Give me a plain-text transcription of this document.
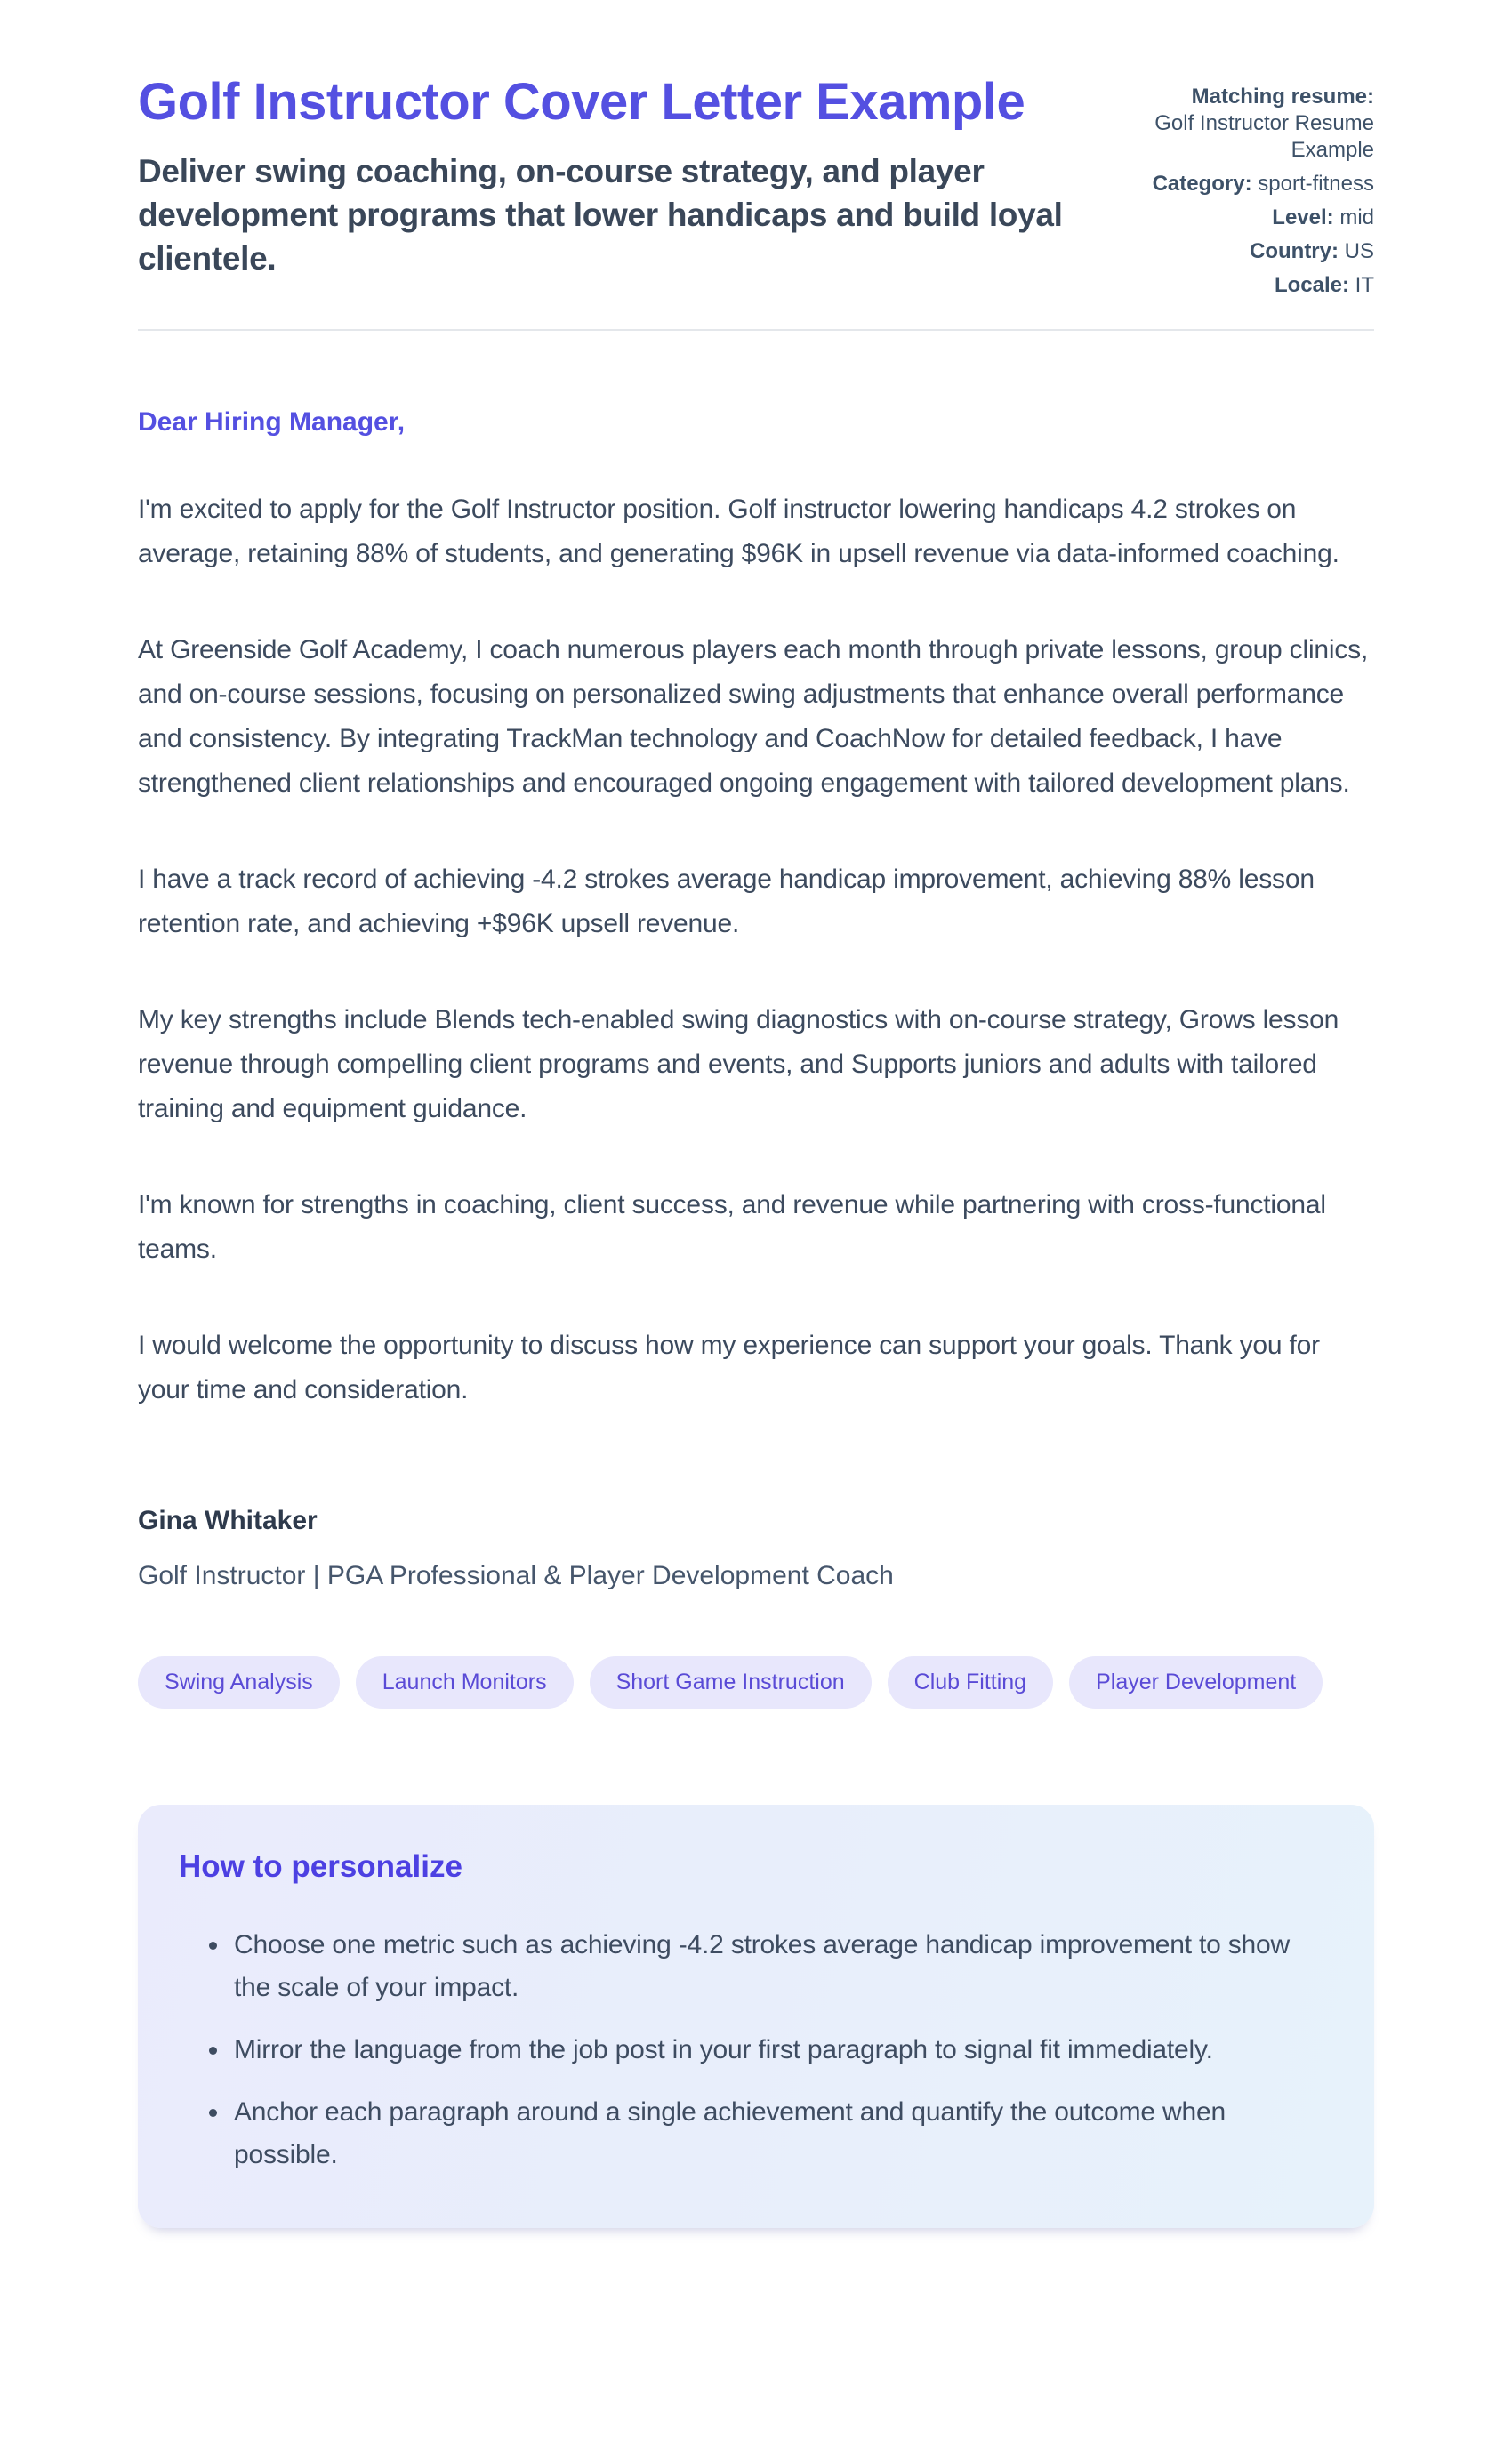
Golf Instructor Cover Letter Example

Deliver swing coaching, on-course strategy, and player development programs that lower handicaps and build loyal clientele.

Matching resume: Golf Instructor Resume Example
Category: sport-fitness
Level: mid
Country: US
Locale: IT

Dear Hiring Manager,

I'm excited to apply for the Golf Instructor position. Golf instructor lowering handicaps 4.2 strokes on average, retaining 88% of students, and generating $96K in upsell revenue via data-informed coaching.

At Greenside Golf Academy, I coach numerous players each month through private lessons, group clinics, and on-course sessions, focusing on personalized swing adjustments that enhance overall performance and consistency. By integrating TrackMan technology and CoachNow for detailed feedback, I have strengthened client relationships and encouraged ongoing engagement with tailored development plans.

I have a track record of achieving -4.2 strokes average handicap improvement, achieving 88% lesson retention rate, and achieving +$96K upsell revenue.

My key strengths include Blends tech-enabled swing diagnostics with on-course strategy, Grows lesson revenue through compelling client programs and events, and Supports juniors and adults with tailored training and equipment guidance.

I'm known for strengths in coaching, client success, and revenue while partnering with cross-functional teams.

I would welcome the opportunity to discuss how my experience can support your goals. Thank you for your time and consideration.

Gina Whitaker

Golf Instructor | PGA Professional & Player Development Coach

Swing Analysis	Launch Monitors	Short Game Instruction	Club Fitting	Player Development
How to personalize
Choose one metric such as achieving -4.2 strokes average handicap improvement to show the scale of your impact.
Mirror the language from the job post in your first paragraph to signal fit immediately.
Anchor each paragraph around a single achievement and quantify the outcome when possible.
